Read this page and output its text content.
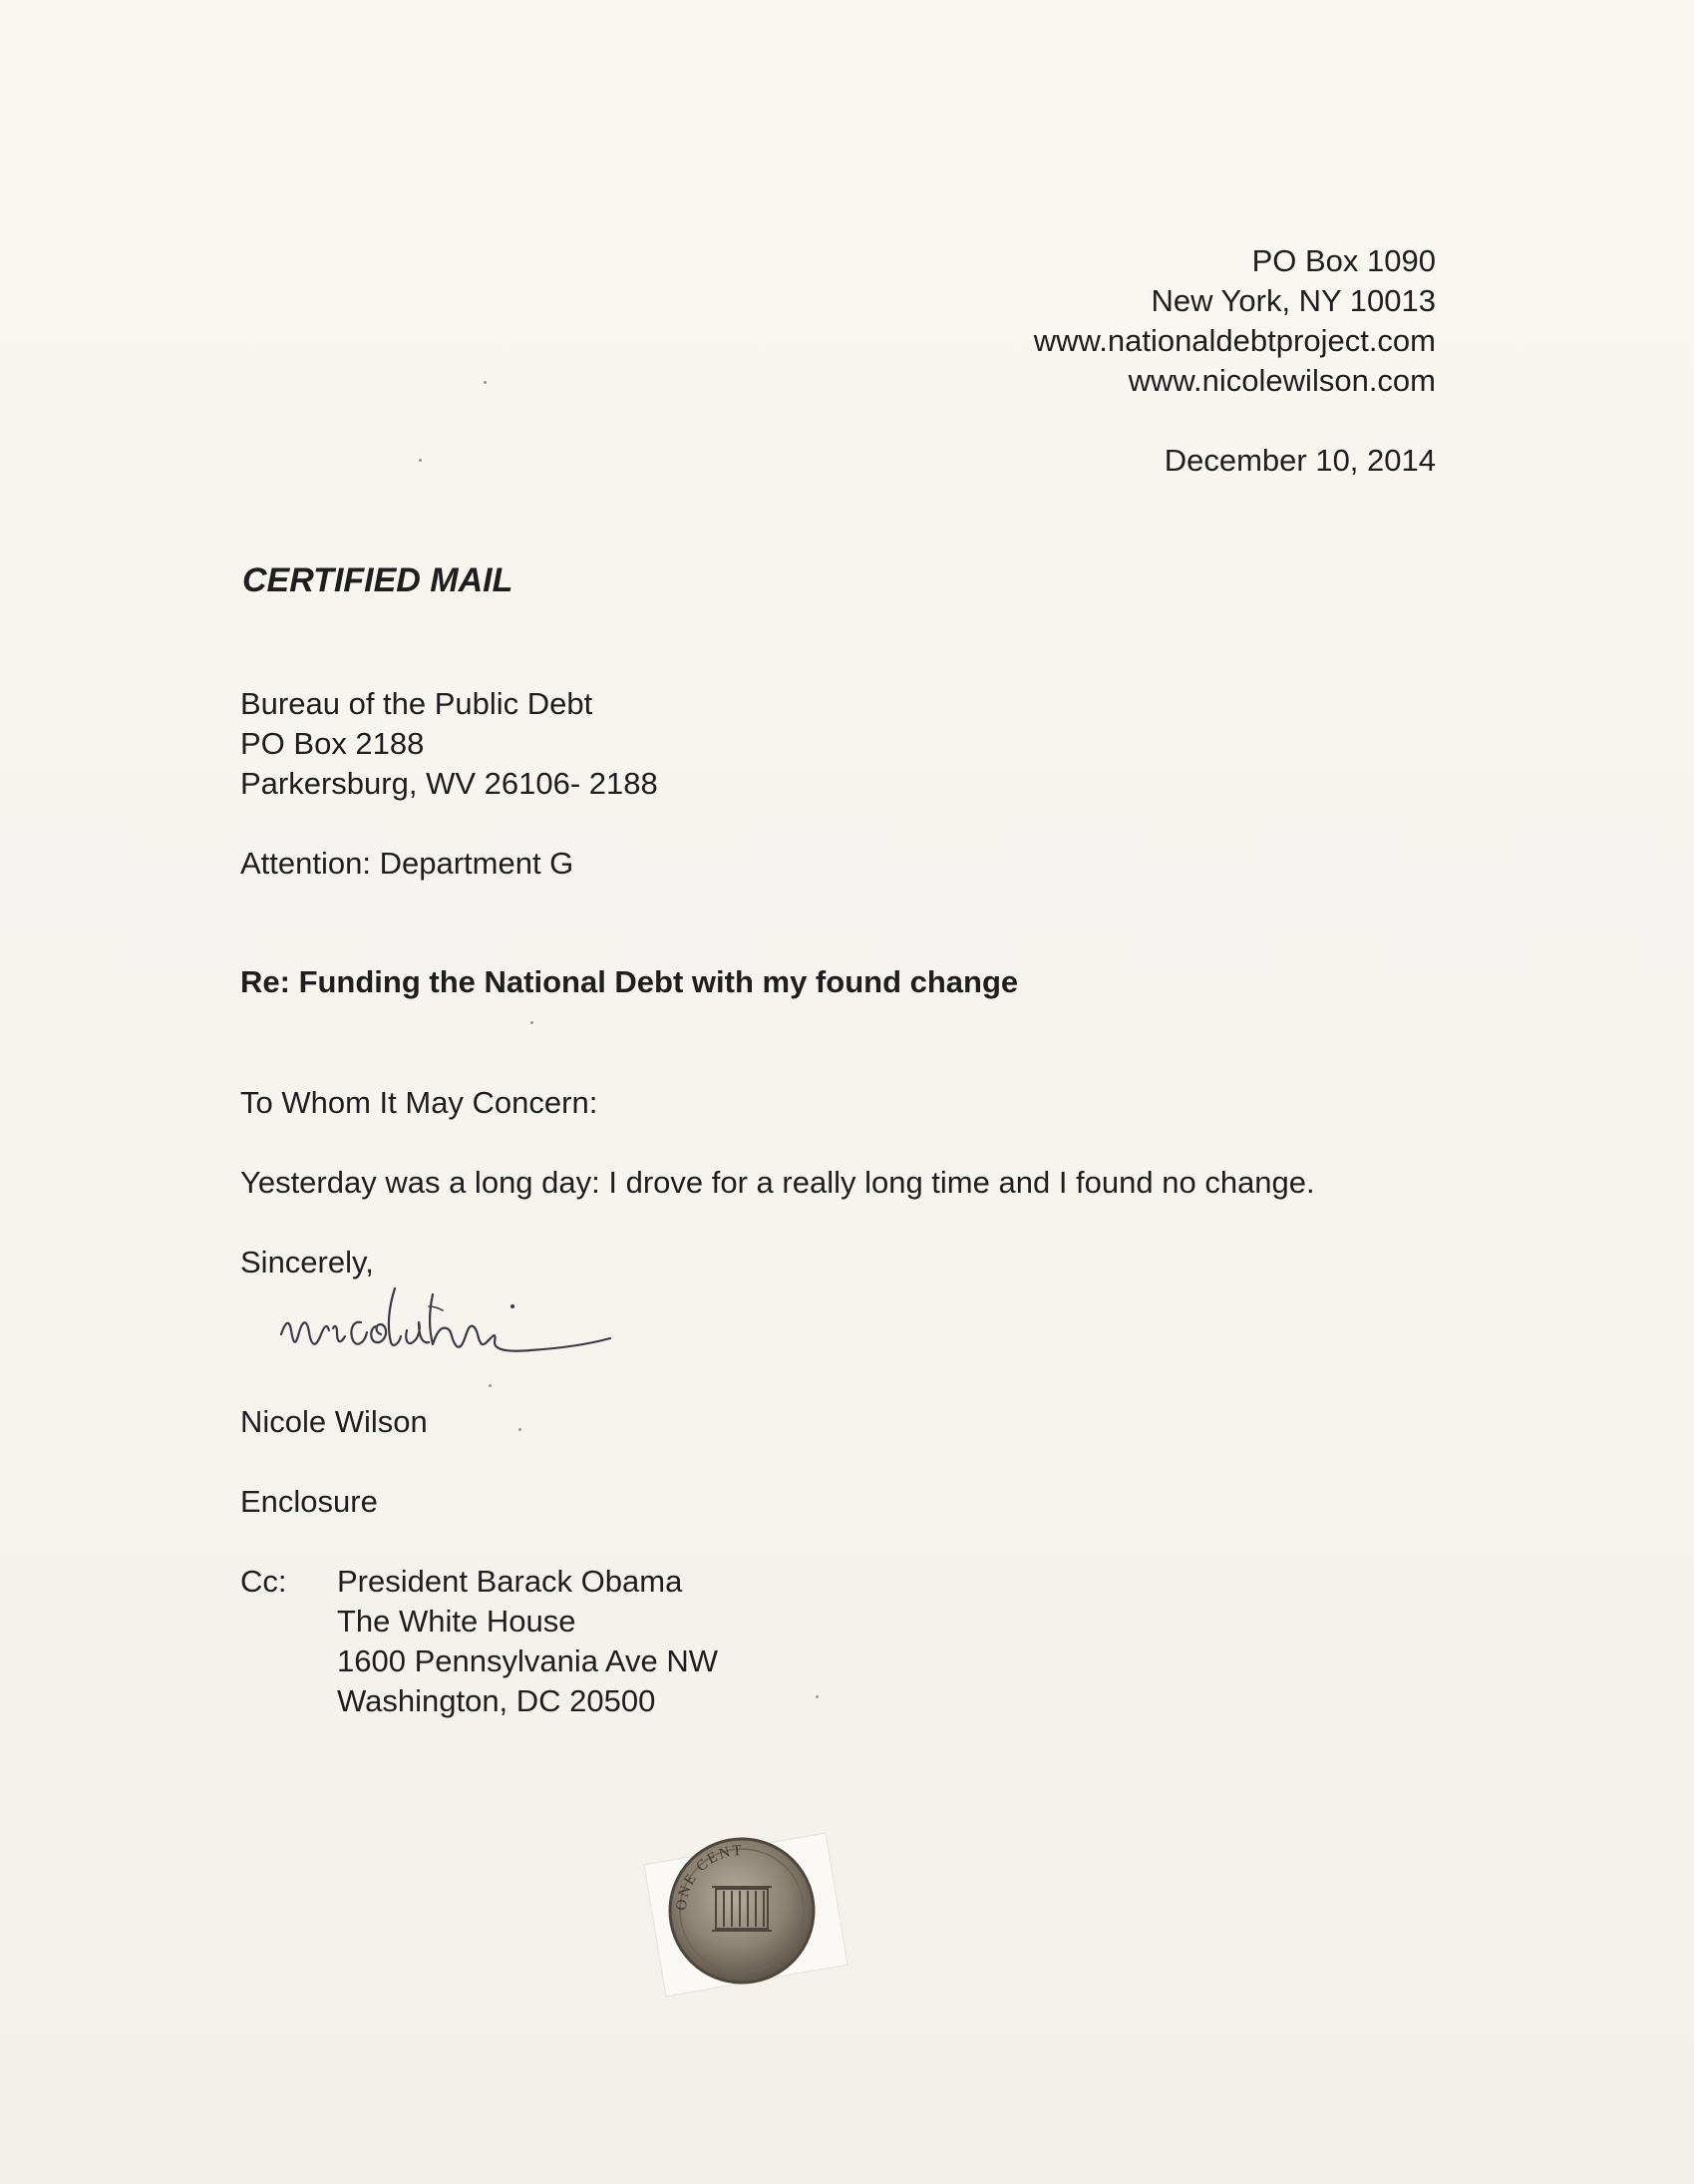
PO Box 1090
New York, NY 10013
www.nationaldebtproject.com
www.nicolewilson.com
December 10, 2014
CERTIFIED MAIL
Bureau of the Public Debt
PO Box 2188
Parkersburg, WV 26106- 2188
Attention: Department G
Re: Funding the National Debt with my found change
To Whom It May Concern:
Yesterday was a long day: I drove for a really long time and I found no change.
Sincerely,
Nicole Wilson
Enclosure
Cc: President Barack Obama
The White House
1600 Pennsylvania Ave NW
Washington, DC 20500
ONE CENT
